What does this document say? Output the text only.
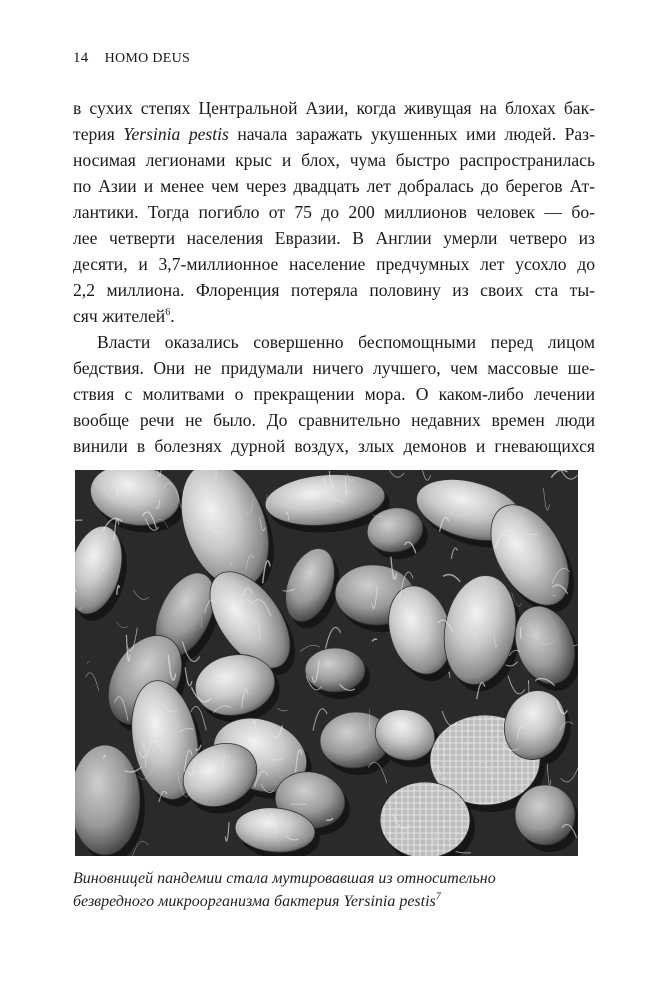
14 HOMO DEUS
в сухих степях Центральной Азии, когда живущая на блохах бак-
терия Yersinia pestis начала заражать укушенных ими людей. Раз-
носимая легионами крыс и блох, чума быстро распространилась
по Азии и менее чем через двадцать лет добралась до берегов Ат-
лантики. Тогда погибло от 75 до 200 миллионов человек — бо-
лее четверти населения Евразии. В Англии умерли четверо из
десяти, и 3,7-миллионное население предчумных лет усохло до
2,2 миллиона. Флоренция потеряла половину из своих ста ты-
сяч жителей$^6$.
Власти оказались совершенно беспомощными перед лицом
бедствия. Они не придумали ничего лучшего, чем массовые ше-
ствия с молитвами о прекращении мора. О каком-либо лечении
вообще речи не было. До сравнительно недавних времен люди
винили в болезнях дурной воздух, злых демонов и гневающихся
Виновницей пандемии стала мутировавшая из относительно
безвредного микроорганизма бактерия Yersinia pestis$^7$
